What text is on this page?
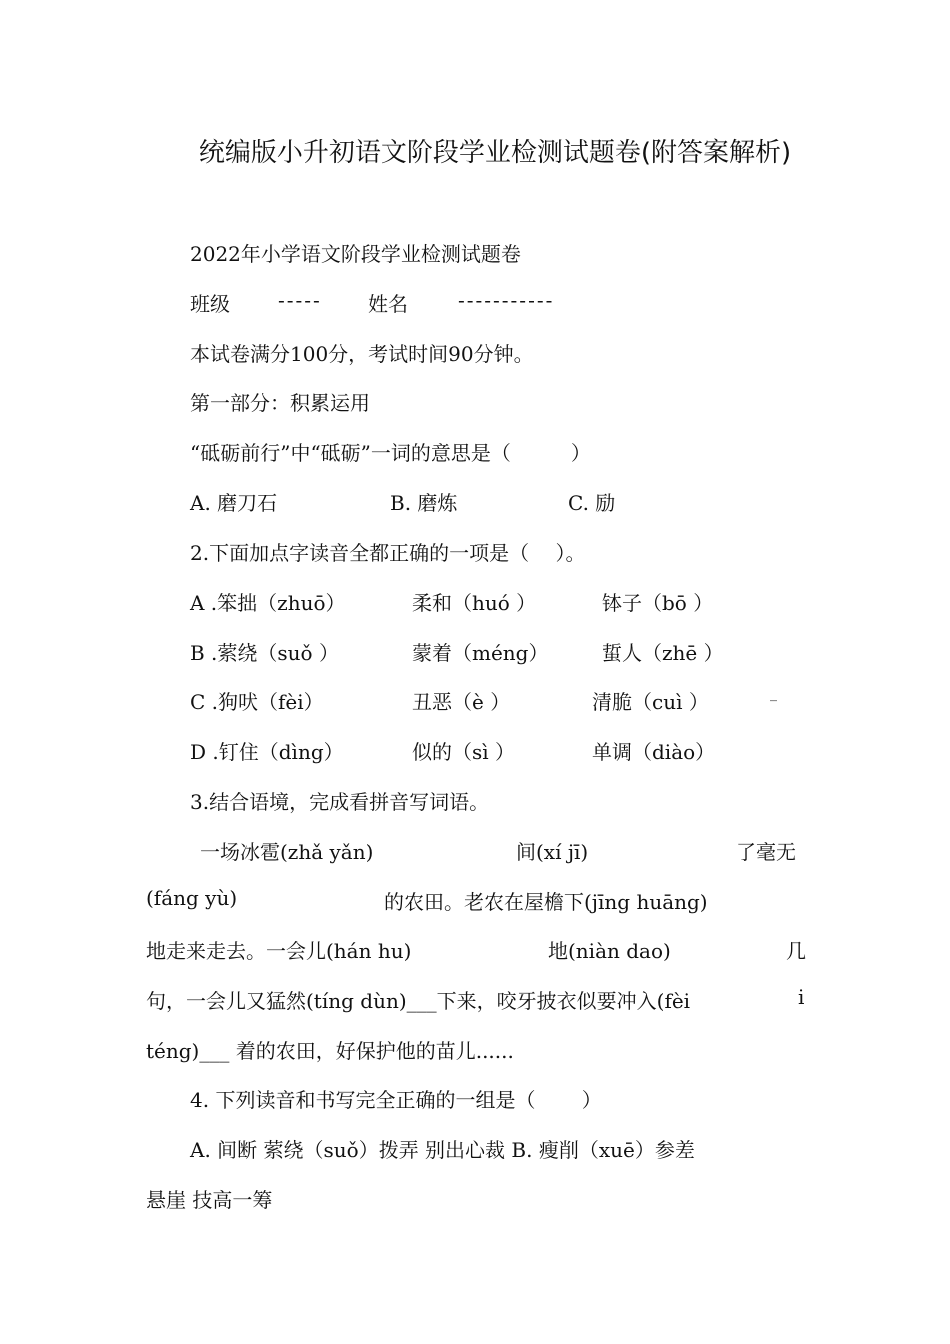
统编版小升初语文阶段学业检测试题卷(附答案解析)
2022年小学语文阶段学业检测试题卷
班级 ----- 姓名	-----------
本试卷满分100分，考试时间90分钟。
第一部分：积累运用
“砥砺前行”中“砥砺”一词的意思是（　　　）
A. 磨刀石	B. 磨炼	C. 励
2.下面加点字读音全都正确的一项是（　 ）。
A .笨拙（zhuō）	柔和（huó ）	钵子（bō ）
B .萦绕（suǒ ）	蒙着（méng）	蜇人（zhē ）
C .狗吠（fèi）	丑恶（è ）	清脆（cuì ）	_
D .钉住（dìng）	似的（sì ）	单调（diào）
3.结合语境，完成看拼音写词语。
一场冰雹(zhǎ yǎn)	间(xí jī)	了毫无
(fáng yù)	的农田。老农在屋檐下(jīng huāng)
地走来走去。一会儿(hán hu)	地(niàn dao)	几
句，一会儿又猛然(tíng dùn)___下来，咬牙披衣似要冲入(fèi	i
téng)___ 着的农田，好保护他的苗儿......
4. 下列读音和书写完全正确的一组是（　　 ）
A. 间断 萦绕（suǒ）拨弄 别出心裁 B. 瘦削（xuē）参差
悬崖 技高一筹
